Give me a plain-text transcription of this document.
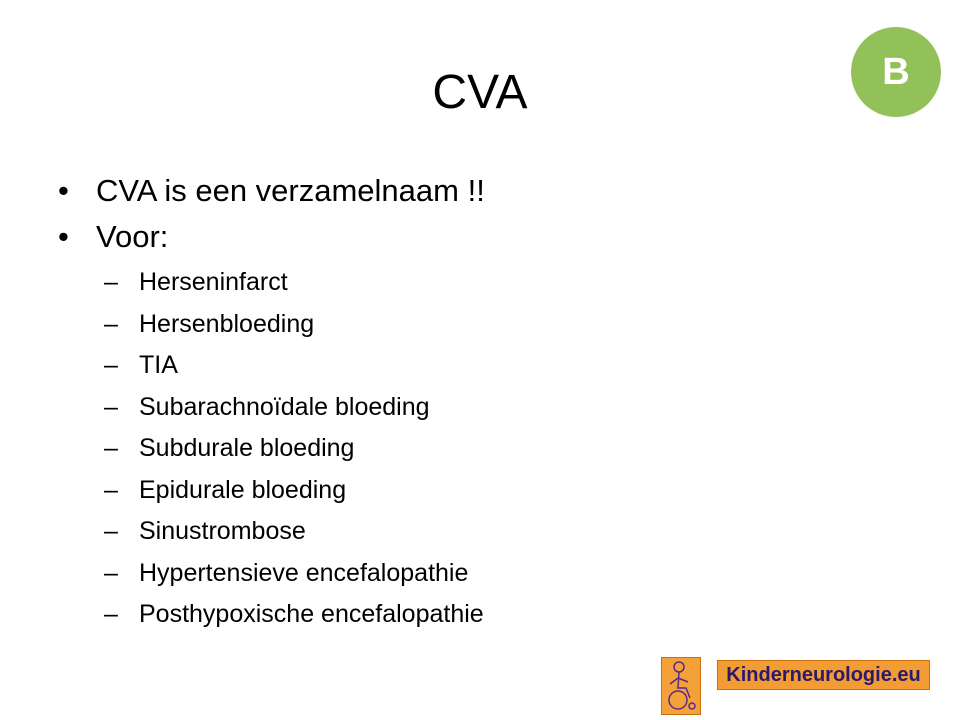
CVA	B
• CVA is een verzamelnaam !!
• Voor:
– Herseninfarct
– Hersenbloeding
– TIA
– Subarachnoïdale bloeding
– Subdurale bloeding
– Epidurale bloeding
– Sinustrombose
– Hypertensieve encefalopathie
– Posthypoxische encefalopathie
Kinderneurologie.eu
